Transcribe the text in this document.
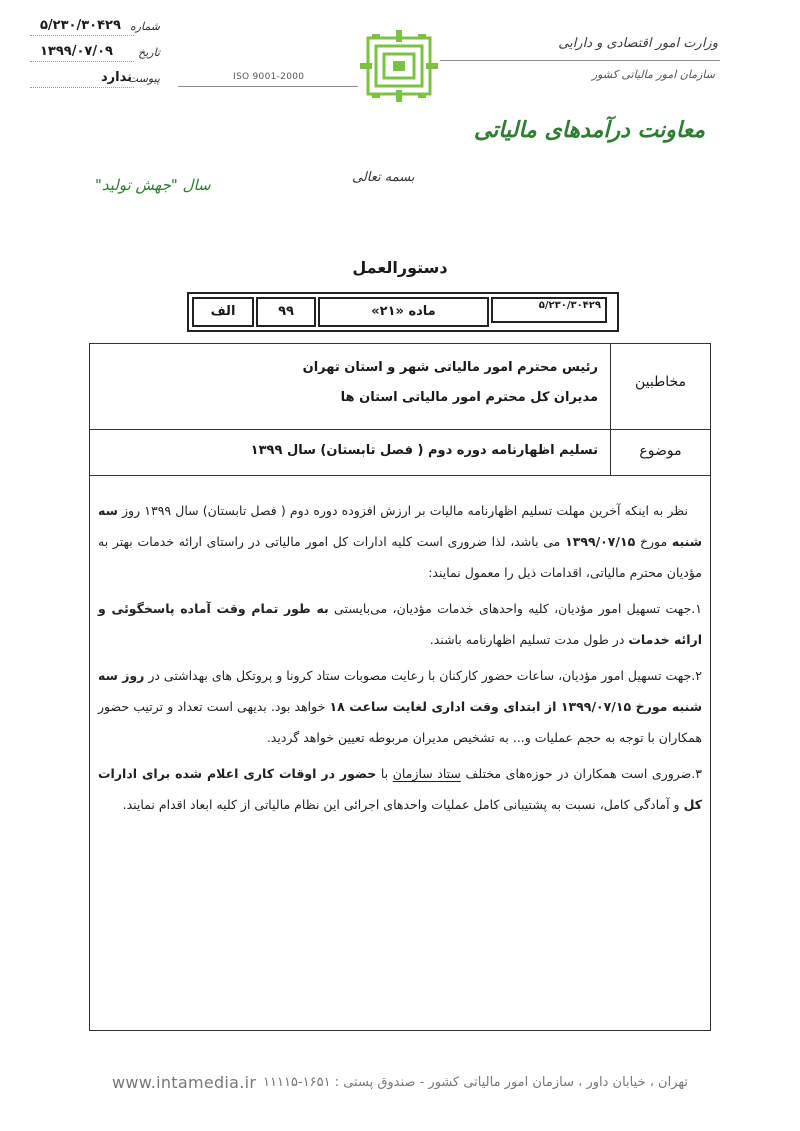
۵/۲۳۰/۳۰۴۲۹ شماره
۱۳۹۹/۰۷/۰۹ تاریخ
ندارد
پیوست	ISO 9001-2000
وزارت امور اقتصادی و دارایی
سازمان امور مالیاتی کشور
معاونت درآمدهای مالیاتی
بسمه تعالی
سال "جهش تولید"
دستورالعمل
الف	۹۹	ماده «۲۱»	۵/۲۳۰/۳۰۴۲۹
مخاطبین
رئیس محترم امور مالیاتی شهر و استان تهران
مدیران کل محترم امور مالیاتی استان ها
موضوع
تسلیم اظهارنامه دوره دوم ( فصل تابستان) سال ۱۳۹۹

نظر به اینکه آخرین مهلت تسلیم اظهارنامه مالیات بر ارزش افزوده دوره دوم ( فصل تابستان) سال ۱۳۹۹ روز سه شنبه مورخ ۱۳۹۹/۰۷/۱۵ می باشد، لذا ضروری است کلیه ادارات کل امور مالیاتی در راستای ارائه خدمات بهتر به مؤدیان محترم مالیاتی، اقدامات ذیل را معمول نمایند:

۱.جهت تسهیل امور مؤدیان، کلیه واحدهای خدمات مؤدیان، می‌بایستی به طور تمام وقت آماده پاسخگوئی و ارائه خدمات در طول مدت تسلیم اظهارنامه باشند.

۲.جهت تسهیل امور مؤدیان، ساعات حضور کارکنان با رعایت مصوبات ستاد کرونا و پروتکل های بهداشتی در روز سه شنبه مورخ ۱۳۹۹/۰۷/۱۵ از ابتدای وقت اداری لغایت ساعت ۱۸ خواهد بود. بدیهی است تعداد و ترتیب حضور همکاران با توجه به حجم عملیات و... به تشخیص مدیران مربوطه تعیین خواهد گردید.

۳.ضروری است همکاران در حوزه‌های مختلف ستاد سازمان با حضور در اوقات کاری اعلام شده برای ادارات کل و آمادگی کامل، نسبت به پشتیبانی کامل عملیات واحدهای اجرائی این نظام مالیاتی از کلیه ابعاد اقدام نمایند.

www.intamedia.ir تهران ، خیابان داور ، سازمان امور مالیاتی کشور - صندوق پستی : ۱۶۵۱-۱۱۱۱۵
